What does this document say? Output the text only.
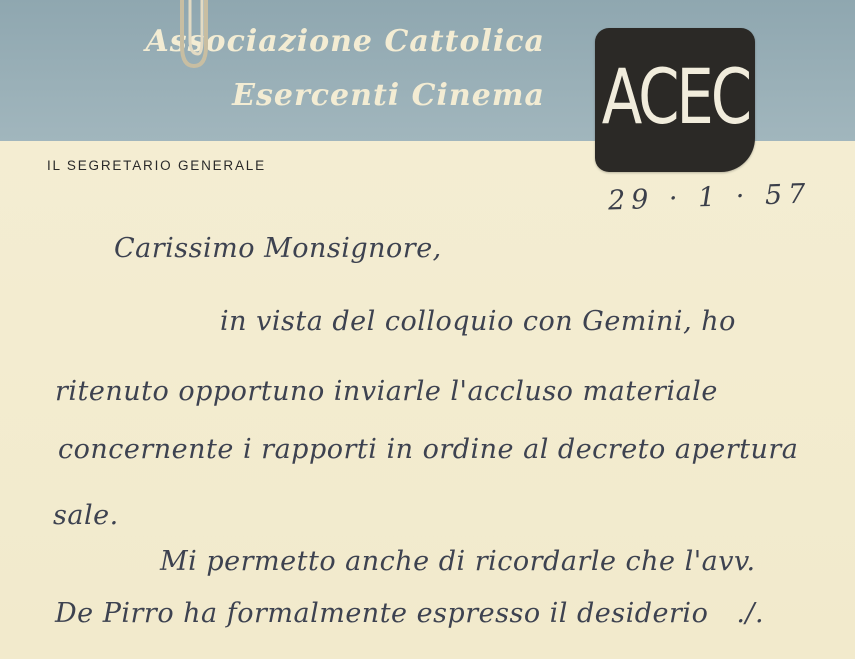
Associazione Cattolica

Esercenti Cinema ACEC
IL SEGRETARIO GENERALE
29 · 1 · 57
Carissimo Monsignore,
in vista del colloquio con Gemini, ho
ritenuto opportuno inviarle l'accluso materiale
concernente i rapporti in ordine al decreto apertura
sale.
Mi permetto anche di ricordarle che l'avv.
De Pirro ha formalmente espresso il desiderio ./.
